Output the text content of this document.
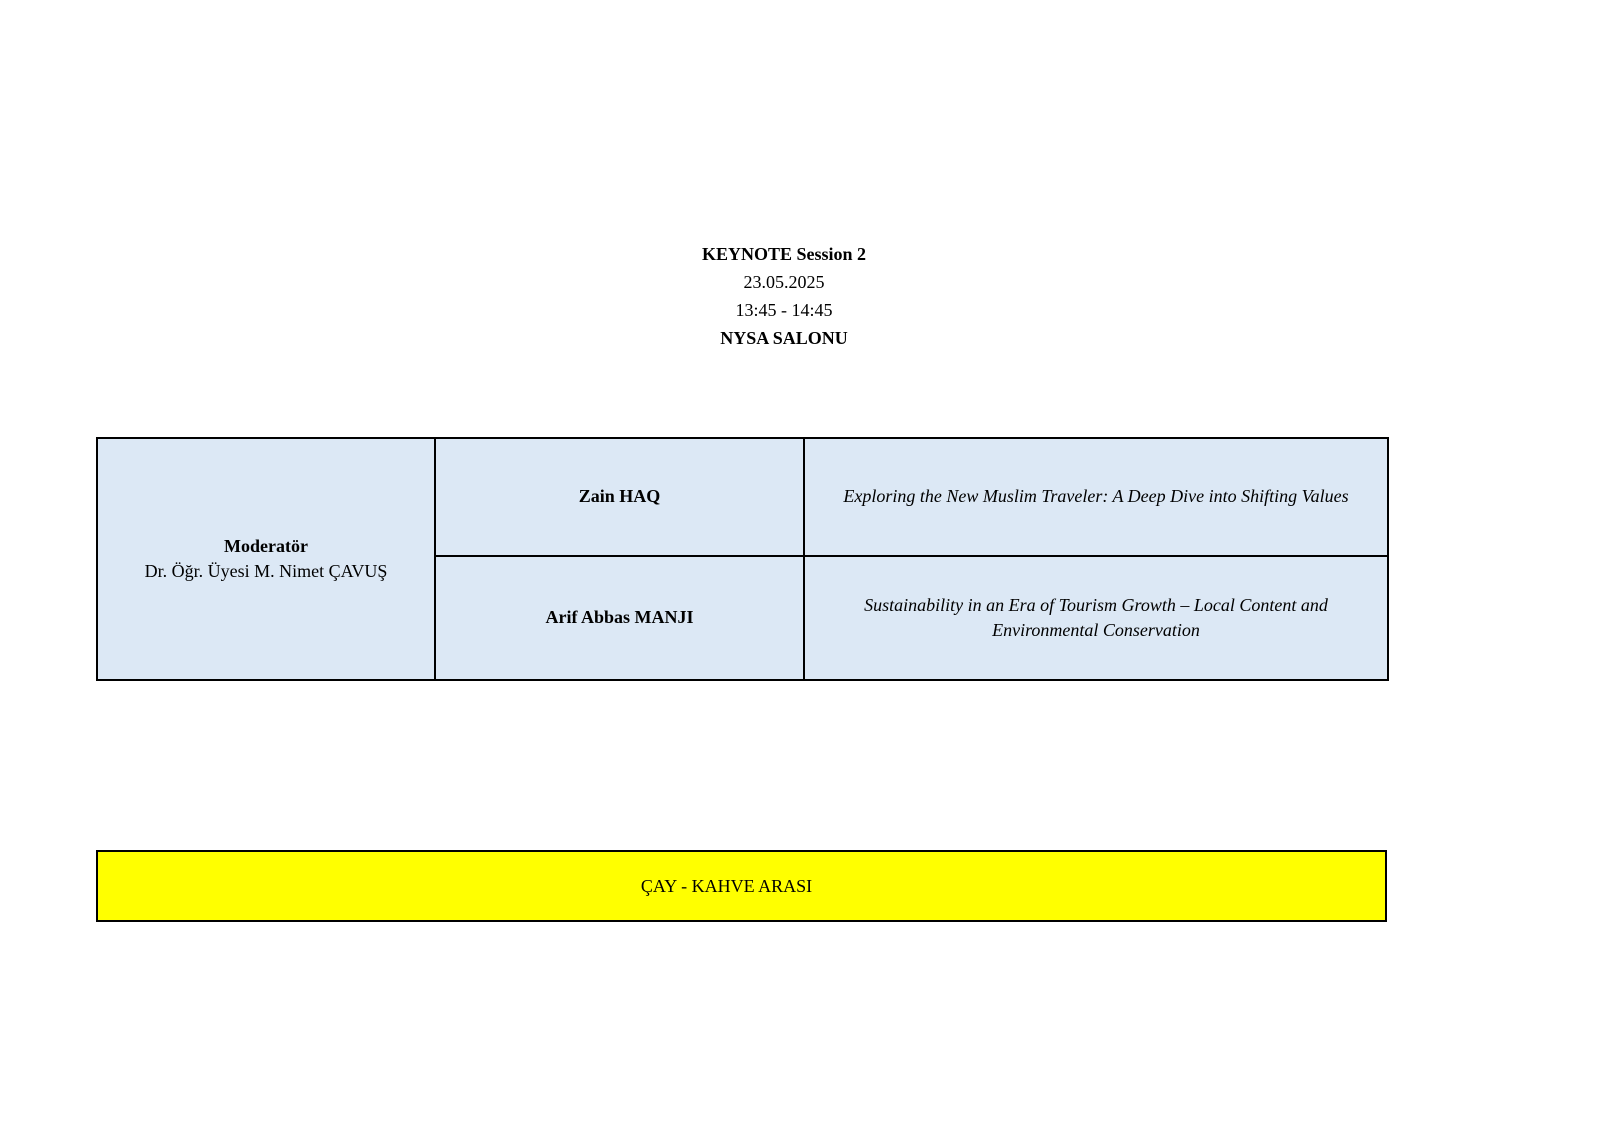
KEYNOTE Session 2
23.05.2025
13:45 - 14:45
NYSA SALONU
Moderatör
Dr. Öğr. Üyesi M. Nimet ÇAVUŞ	Zain HAQ	Exploring the New Muslim Traveler: A Deep Dive into Shifting Values
	Arif Abbas MANJI	Sustainability in an Era of Tourism Growth – Local Content and Environmental Conservation
ÇAY - KAHVE ARASI
